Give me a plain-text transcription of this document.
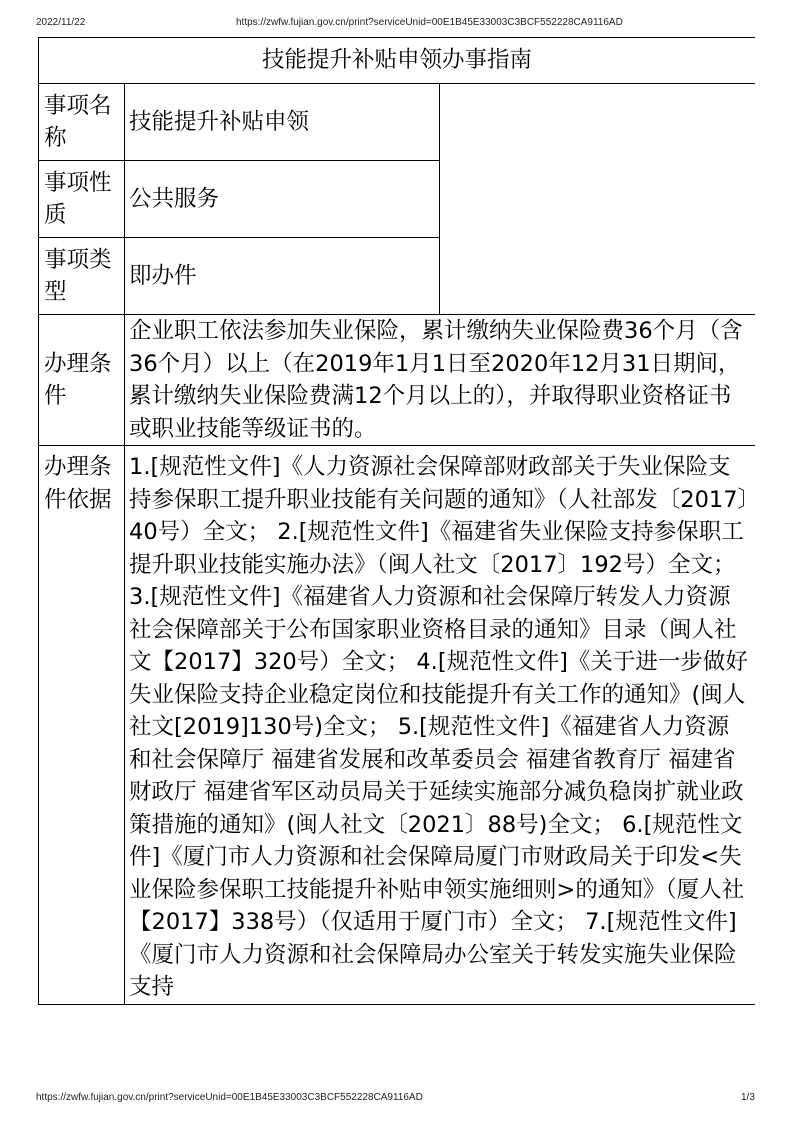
2022/11/22	https://zwfw.fujian.gov.cn/print?serviceUnid=00E1B45E33003C3BCF552228CA9116AD
技能提升补贴申领办事指南		
事项名称	技能提升补贴申领	
事项性质	公共服务	
事项类型	即办件	
办理条件	企业职工依法参加失业保险，累计缴纳失业保险费36个月（含36个月）以上（在2019年1月1日至2020年12月31日期间，累计缴纳失业保险费满12个月以上的），并取得职业资格证书或职业技能等级证书的。	
办理条件依据	1.[规范性文件]《人力资源社会保障部财政部关于失业保险支持参保职工提升职业技能有关问题的通知》（人社部发〔2017〕40号）全文； 2.[规范性文件]《福建省失业保险支持参保职工提升职业技能实施办法》（闽人社文〔2017〕192号）全文； 3.[规范性文件]《福建省人力资源和社会保障厅转发人力资源社会保障部关于公布国家职业资格目录的通知》目录（闽人社文【2017】320号）全文； 4.[规范性文件]《关于进一步做好失业保险支持企业稳定岗位和技能提升有关工作的通知》(闽人社文[2019]130号)全文； 5.[规范性文件]《福建省人力资源和社会保障厅 福建省发展和改革委员会 福建省教育厅 福建省财政厅 福建省军区动员局关于延续实施部分减负稳岗扩就业政策措施的通知》(闽人社文〔2021〕88号)全文； 6.[规范性文件]《厦门市人力资源和社会保障局厦门市财政局关于印发<失业保险参保职工技能提升补贴申领实施细则>的通知》（厦人社【2017】338号）（仅适用于厦门市）全文； 7.[规范性文件]《厦门市人力资源和社会保障局办公室关于转发实施失业保险支持	
https://zwfw.fujian.gov.cn/print?serviceUnid=00E1B45E33003C3BCF552228CA9116AD	1/3
